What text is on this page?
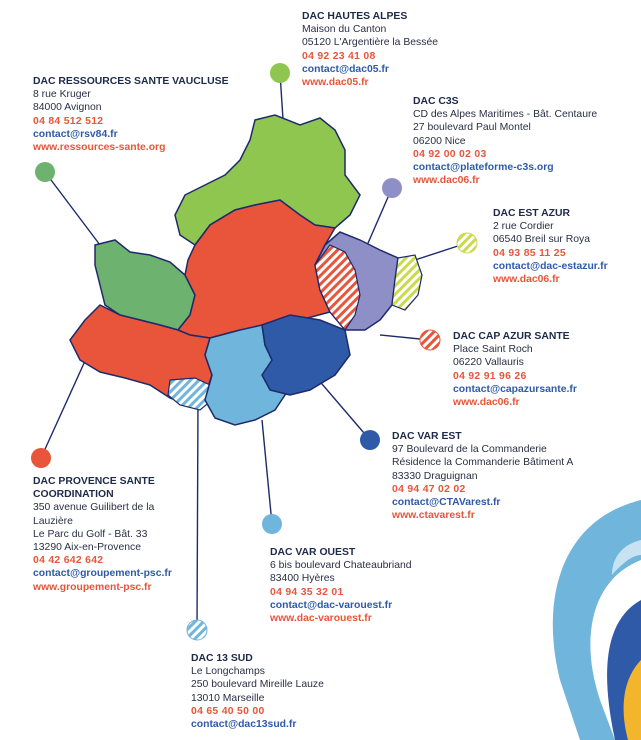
DAC HAUTES ALPES
Maison du Canton
05120 L'Argentière la Bessée
04 92 23 41 08
contact@dac05.fr
www.dac05.fr
DAC RESSOURCES SANTE VAUCLUSE
8 rue Kruger
84000 Avignon
04 84 512 512
contact@rsv84.fr
www.ressources-sante.org
DAC C3S
CD des Alpes Maritimes - Bât. Centaure
27 boulevard Paul Montel
06200 Nice
04 92 00 02 03
contact@plateforme-c3s.org
www.dac06.fr
DAC EST AZUR
2 rue Cordier
06540 Breil sur Roya
04 93 85 11 25
contact@dac-estazur.fr
www.dac06.fr
DAC CAP AZUR SANTE
Place Saint Roch
06220 Vallauris
04 92 91 96 26
contact@capazursante.fr
www.dac06.fr
DAC VAR EST
97 Boulevard de la Commanderie
Résidence la Commanderie Bâtiment A
83330 Draguignan
04 94 47 02 02
contact@CTAVarest.fr
www.ctavarest.fr
DAC PROVENCE SANTE COORDINATION
350 avenue Guilibert de la Lauzière
Le Parc du Golf - Bât. 33
13290 Aix-en-Provence
04 42 642 642
contact@groupement-psc.fr
www.groupement-psc.fr
DAC VAR OUEST
6 bis boulevard Chateaubriand
83400 Hyères
04 94 35 32 01
contact@dac-varouest.fr
www.dac-varouest.fr
DAC 13 SUD
Le Longchamps
250 boulevard Mireille Lauze
13010 Marseille
04 65 40 50 00
contact@dac13sud.fr
